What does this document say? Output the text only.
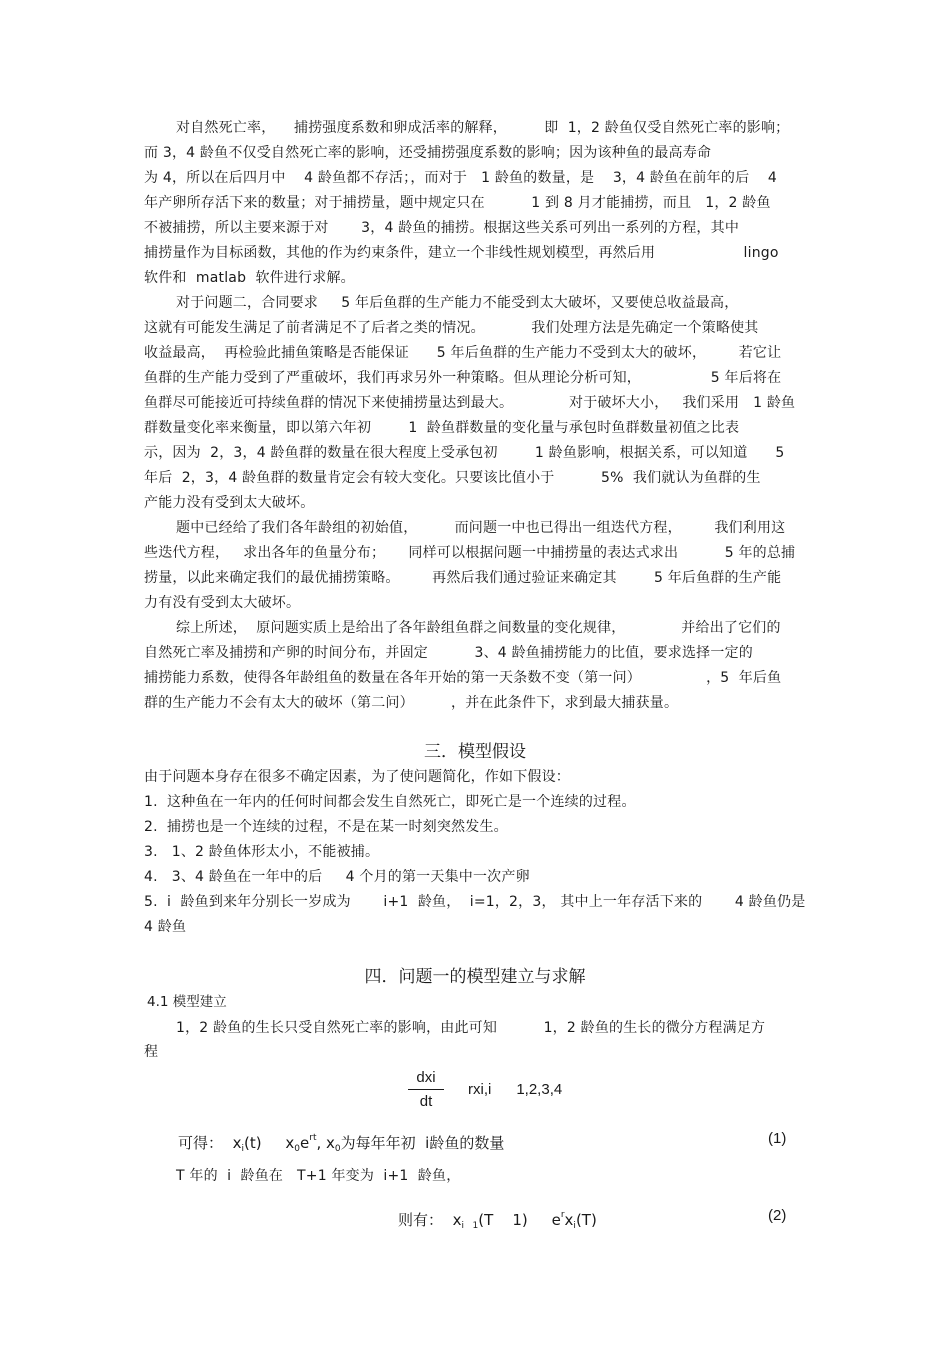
对自然死亡率，    捕捞强度系数和卵成活率的解释，        即  1，2 龄鱼仅受自然死亡率的影响；
而 3，4 龄鱼不仅受自然死亡率的影响，还受捕捞强度系数的影响；因为该种鱼的最高寿命
为 4，所以在后四月中    4 龄鱼都不存活；，而对于   1 龄鱼的数量，是    3，4 龄鱼在前年的后    4
年产卵所存活下来的数量；对于捕捞量，题中规定只在          1 到 8 月才能捕捞，而且   1，2 龄鱼
不被捕捞，所以主要来源于对       3，4 龄鱼的捕捞。根据这些关系可列出一系列的方程，其中
捕捞量作为目标函数，其他的作为约束条件，建立一个非线性规划模型，再然后用                   lingo
软件和  matlab  软件进行求解。
对于问题二，合同要求     5 年后鱼群的生产能力不能受到太大破坏，又要使总收益最高，
这就有可能发生满足了前者满足不了后者之类的情况。          我们处理方法是先确定一个策略使其
收益最高，  再检验此捕鱼策略是否能保证      5 年后鱼群的生产能力不受到太大的破坏，       若它让
鱼群的生产能力受到了严重破坏，我们再求另外一种策略。但从理论分析可知，               5 年后将在
鱼群尽可能接近可持续鱼群的情况下来使捕捞量达到最大。            对于破坏大小，   我们采用   1 龄鱼
群数量变化率来衡量，即以第六年初        1  龄鱼群数量的变化量与承包时鱼群数量初值之比表
示，因为  2，3，4 龄鱼群的数量在很大程度上受承包初        1 龄鱼影响，根据关系，可以知道      5
年后  2，3，4 龄鱼群的数量肯定会有较大变化。只要该比值小于          5%  我们就认为鱼群的生
产能力没有受到太大破坏。
题中已经给了我们各年龄组的初始值，        而问题一中也已得出一组迭代方程，       我们利用这
些迭代方程，   求出各年的鱼量分布；     同样可以根据问题一中捕捞量的表达式求出          5 年的总捕
捞量，以此来确定我们的最优捕捞策略。       再然后我们通过验证来确定其        5 年后鱼群的生产能
力有没有受到太大破坏。
综上所述，  原问题实质上是给出了各年龄组鱼群之间数量的变化规律，            并给出了它们的
自然死亡率及捕捞和产卵的时间分布，并固定          3、4 龄鱼捕捞能力的比值，要求选择一定的
捕捞能力系数，使得各年龄组鱼的数量在各年开始的第一天条数不变（第一问）              ，5  年后鱼
群的生产能力不会有太大的破坏（第二问）        ，并在此条件下，求到最大捕获量。
三．模型假设
由于问题本身存在很多不确定因素，为了使问题简化，作如下假设：
1.  这种鱼在一年内的任何时间都会发生自然死亡，即死亡是一个连续的过程。
2.  捕捞也是一个连续的过程，不是在某一时刻突然发生。
3.   1、2 龄鱼体形太小，不能被捕。
4.   3、4 龄鱼在一年中的后     4 个月的第一天集中一次产卵
5.  i  龄鱼到来年分别长一岁成为       i+1  龄鱼，  i=1，2，3， 其中上一年存活下来的       4 龄鱼仍是
4 龄鱼
四．问题一的模型建立与求解
4.1 模型建立
1，2 龄鱼的生长只受自然死亡率的影响，由此可知          1，2 龄鱼的生长的微分方程满足方
程
dxi
dt
rxi,i      1,2,3,4
可得： $x_i(t)$     $x_0e^{rt}$, $x_0$为每年年初  i龄鱼的数量	(1)
T 年的  i  龄鱼在   T+1 年变为  i+1  龄鱼，
则有： $x_{i 1}(T$    1)     $e^rx_i(T)$	(2)
